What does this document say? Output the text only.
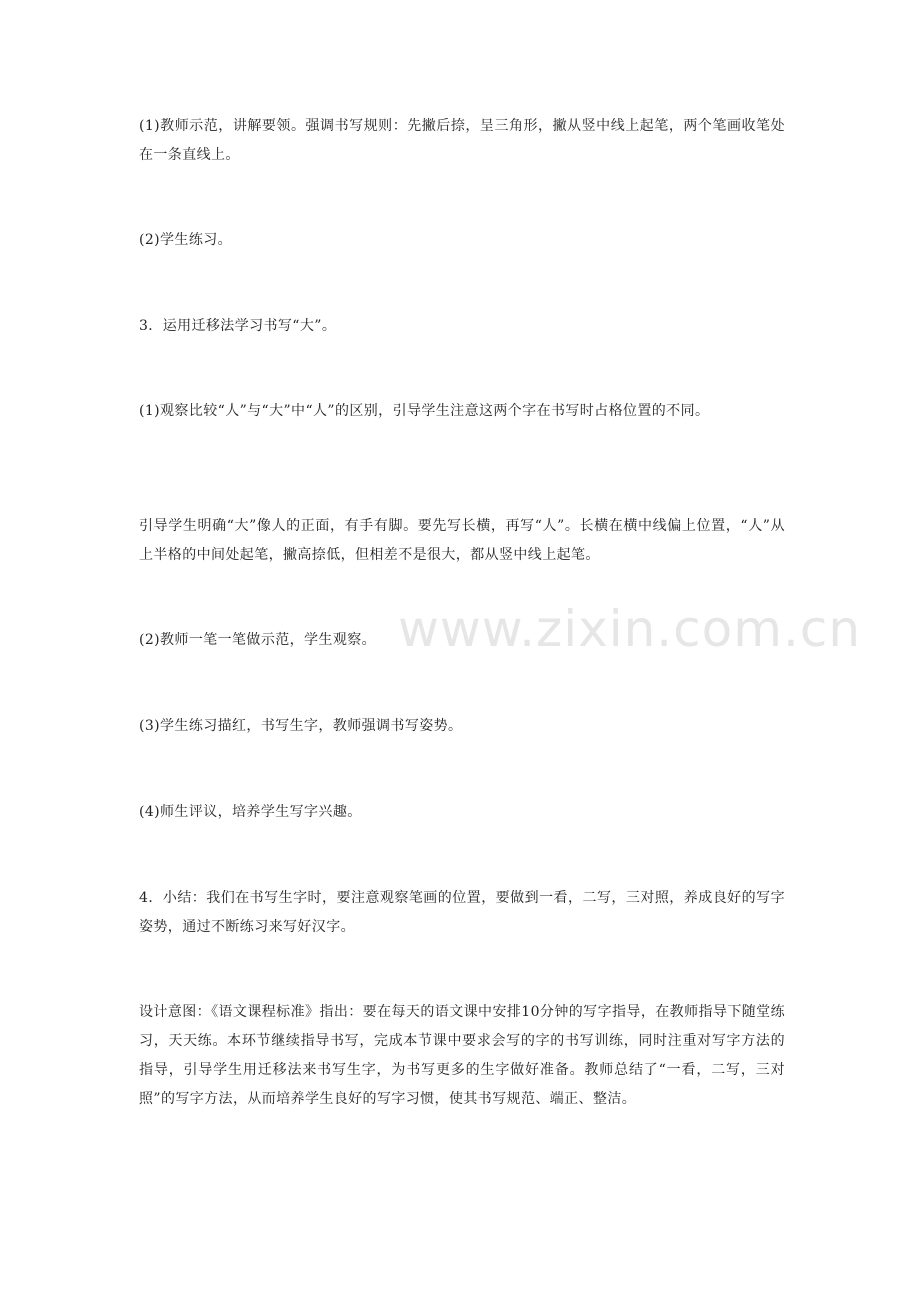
(1)教师示范，讲解要领。强调书写规则：先撇后捺，呈三角形，撇从竖中线上起笔，两个笔画收笔处在一条直线上。

(2)学生练习。

3．运用迁移法学习书写“大”。

(1)观察比较“人”与“大”中“人”的区别，引导学生注意这两个字在书写时占格位置的不同。

引导学生明确“大”像人的正面，有手有脚。要先写长横，再写“人”。长横在横中线偏上位置，“人”从上半格的中间处起笔，撇高捺低，但相差不是很大，都从竖中线上起笔。

(2)教师一笔一笔做示范，学生观察。

(3)学生练习描红，书写生字，教师强调书写姿势。

(4)师生评议，培养学生写字兴趣。

4．小结：我们在书写生字时，要注意观察笔画的位置，要做到一看，二写，三对照，养成良好的写字姿势，通过不断练习来写好汉字。

设计意图：《语文课程标准》指出：要在每天的语文课中安排10分钟的写字指导，在教师指导下随堂练习，天天练。本环节继续指导书写，完成本节课中要求会写的字的书写训练，同时注重对写字方法的指导，引导学生用迁移法来书写生字，为书写更多的生字做好准备。教师总结了“一看，二写，三对照”的写字方法，从而培养学生良好的写字习惯，使其书写规范、端正、整洁。

www.zixin.com.cn
